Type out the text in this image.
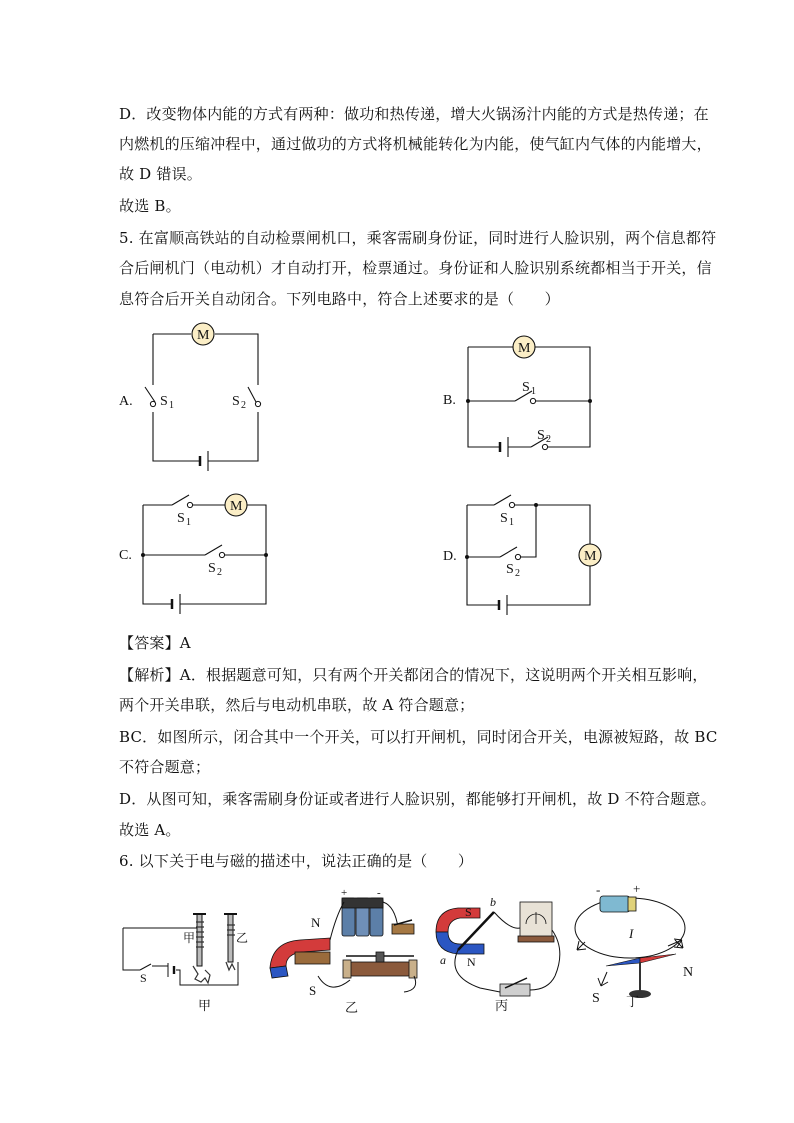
D．改变物体内能的方式有两种：做功和热传递，增大火锅汤汁内能的方式是热传递；在
内燃机的压缩冲程中，通过做功的方式将机械能转化为内能，使气缸内气体的内能增大，
故 D 错误。
故选 B。
5. 在富顺高铁站的自动检票闸机口，乘客需刷身份证，同时进行人脸识别，两个信息都符
合后闸机门（电动机）才自动打开，检票通过。身份证和人脸识别系统都相当于开关，信
息符合后开关自动闭合。下列电路中，符合上述要求的是（　　）
M
M
M
M
A.	B.
C.	D.
S 1	S 2
S 1
S 2
S 1
S 2
S 1
S 2
【答案】A
【解析】A．根据题意可知，只有两个开关都闭合的情况下，这说明两个开关相互影响，
两个开关串联，然后与电动机串联，故 A 符合题意；
BC．如图所示，闭合其中一个开关，可以打开闸机，同时闭合开关，电源被短路，故 BC
不符合题意；
D．从图可知，乘客需刷身份证或者进行人脸识别，都能够打开闸机，故 D 不符合题意。
故选 A。
6. 以下关于电与磁的描述中，说法正确的是（　　）
甲	乙
S
甲
N
S
+	-
乙
S
N
a
b
丙
-	+
I
S
N
丁
